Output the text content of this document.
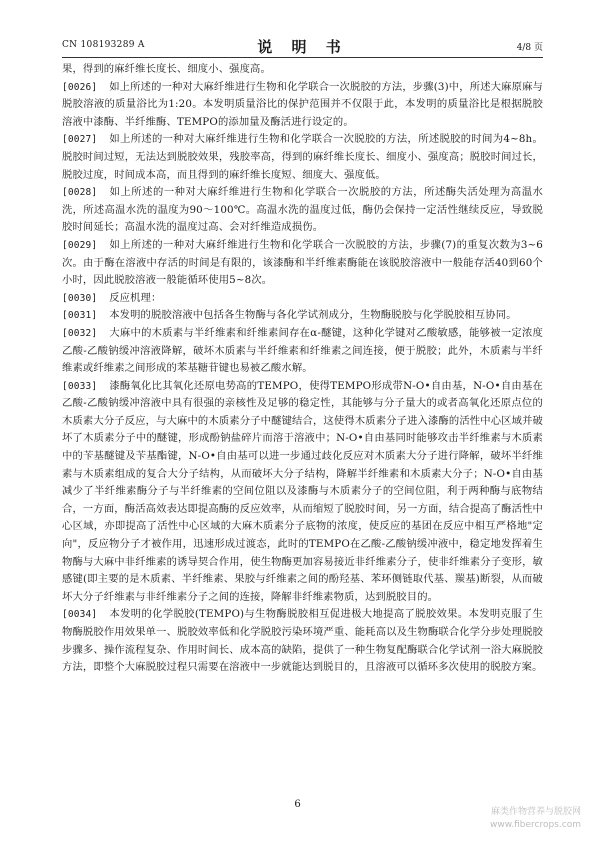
CN 108193289 A	说 明 书	4/8 页

果，得到的麻纤维长度长、细度小、强度高。

[0026] 如上所述的一种对大麻纤维进行生物和化学联合一次脱胶的方法，步骤(3)中，所述大麻原麻与脱胶溶液的质量浴比为1:20。本发明质量浴比的保护范围并不仅限于此，本发明的质量浴比是根据脱胶溶液中漆酶、半纤维酶、TEMPO的添加量及酶活进行设定的。

[0027] 如上所述的一种对大麻纤维进行生物和化学联合一次脱胶的方法，所述脱胶的时间为4~8h。脱胶时间过短，无法达到脱胶效果，残胶率高，得到的麻纤维长度长、细度小、强度高；脱胶时间过长，脱胶过度，时间成本高，而且得到的麻纤维长度短、细度大、强度低。

[0028] 如上所述的一种对大麻纤维进行生物和化学联合一次脱胶的方法，所述酶失活处理为高温水洗，所述高温水洗的温度为90～100℃。高温水洗的温度过低，酶仍会保持一定活性继续反应，导致脱胶时间延长；高温水洗的温度过高、会对纤维造成损伤。

[0029] 如上所述的一种对大麻纤维进行生物和化学联合一次脱胶的方法，步骤(7)的重复次数为3~6次。由于酶在溶液中存活的时间是有限的，该漆酶和半纤维素酶能在该脱胶溶液中一般能存活40到60个小时，因此脱胶溶液一般能循环使用5~8次。

[0030] 反应机理：

[0031] 本发明的脱胶溶液中包括各生物酶与各化学试剂成分，生物酶脱胶与化学脱胶相互协同。

[0032] 大麻中的木质素与半纤维素和纤维素间存在α-醚键，这种化学键对乙酸敏感，能够被一定浓度乙酸-乙酸钠缓冲溶液降解，破坏木质素与半纤维素和纤维素之间连接，便于脱胶；此外，木质素与半纤维素或纤维素之间形成的苯基糖苷键也易被乙酸水解。

[0033] 漆酶氧化比其氧化还原电势高的TEMPO，使得TEMPO形成带N-O•自由基，N-O•自由基在乙酸-乙酸钠缓冲溶液中具有很强的亲核性及足够的稳定性，其能够与分子量大的或者高氧化还原点位的木质素大分子反应，与大麻中的木质素分子中醚键结合，这使得木质素分子进入漆酶的活性中心区域并破坏了木质素分子中的醚键，形成酚钠盐碎片而溶于溶液中；N-O•自由基同时能够攻击半纤维素与木质素中的苄基醚键及苄基酯键，N-O•自由基可以进一步通过歧化反应对木质素大分子进行降解，破坏半纤维素与木质素组成的复合大分子结构，从而破坏大分子结构，降解半纤维素和木质素大分子；N-O•自由基减少了半纤维素酶分子与半纤维素的空间位阻以及漆酶与木质素分子的空间位阻，利于两种酶与底物结合，一方面，酶活高效表达即提高酶的反应效率，从而缩短了脱胶时间，另一方面，结合提高了酶活性中心区域，亦即提高了活性中心区域的大麻木质素分子底物的浓度，使反应的基团在反应中相互严格地"定向"，反应物分子才被作用，迅速形成过渡态，此时的TEMPO在乙酸-乙酸钠缓冲液中，稳定地发挥着生物酶与大麻中非纤维素的诱导契合作用，使生物酶更加容易接近非纤维素分子，使非纤维素分子变形，敏感键(即主要的是木质素、半纤维素、果胶与纤维素之间的酚羟基、苯环侧链取代基、羰基)断裂，从而破坏大分子纤维素与非纤维素分子之间的连接，降解非纤维素物质，达到脱胶目的。

[0034] 本发明的化学脱胶(TEMPO)与生物酶脱胶相互促进极大地提高了脱胶效果。本发明克服了生物酶脱胶作用效果单一、脱胶效率低和化学脱胶污染环境严重、能耗高以及生物酶联合化学分步处理脱胶步骤多、操作流程复杂、作用时间长、成本高的缺陷，提供了一种生物复配酶联合化学试剂一浴大麻脱胶方法，即整个大麻脱胶过程只需要在溶液中一步就能达到脱目的，且溶液可以循环多次使用的脱胶方案。

6
麻类作物营养与脱胶网
www.fibercrops.com
